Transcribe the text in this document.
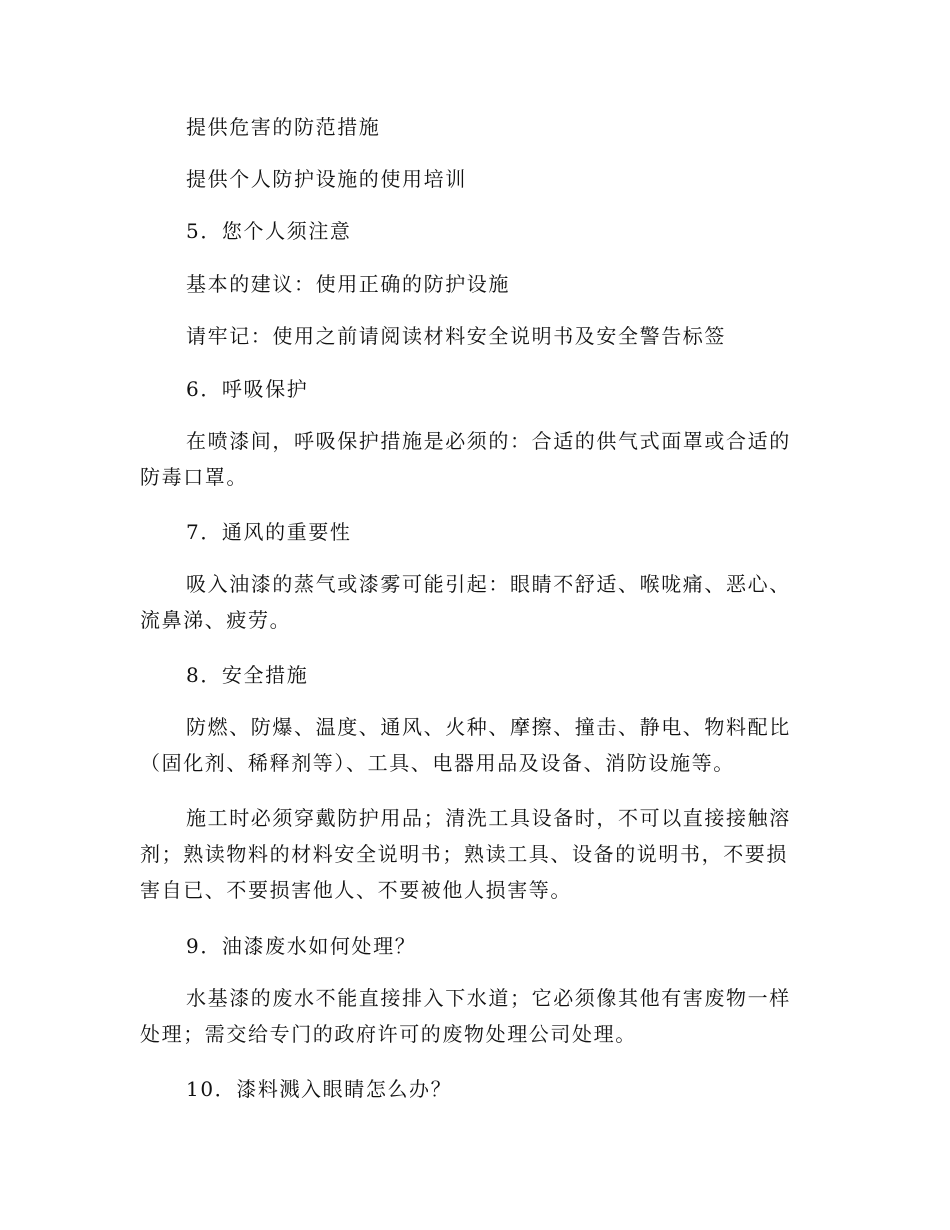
提供危害的防范措施

提供个人防护设施的使用培训

5．您个人须注意

基本的建议：使用正确的防护设施

请牢记：使用之前请阅读材料安全说明书及安全警告标签

6．呼吸保护

在喷漆间，呼吸保护措施是必须的：合适的供气式面罩或合适的防毒口罩。

7．通风的重要性

吸入油漆的蒸气或漆雾可能引起：眼睛不舒适、喉咙痛、恶心、流鼻涕、疲劳。

8．安全措施

防燃、防爆、温度、通风、火种、摩擦、撞击、静电、物料配比（固化剂、稀释剂等）、工具、电器用品及设备、消防设施等。

施工时必须穿戴防护用品；清洗工具设备时，不可以直接接触溶剂；熟读物料的材料安全说明书；熟读工具、设备的说明书，不要损害自已、不要损害他人、不要被他人损害等。

9．油漆废水如何处理？

水基漆的废水不能直接排入下水道；它必须像其他有害废物一样处理；需交给专门的政府许可的废物处理公司处理。

10．漆料溅入眼睛怎么办？
